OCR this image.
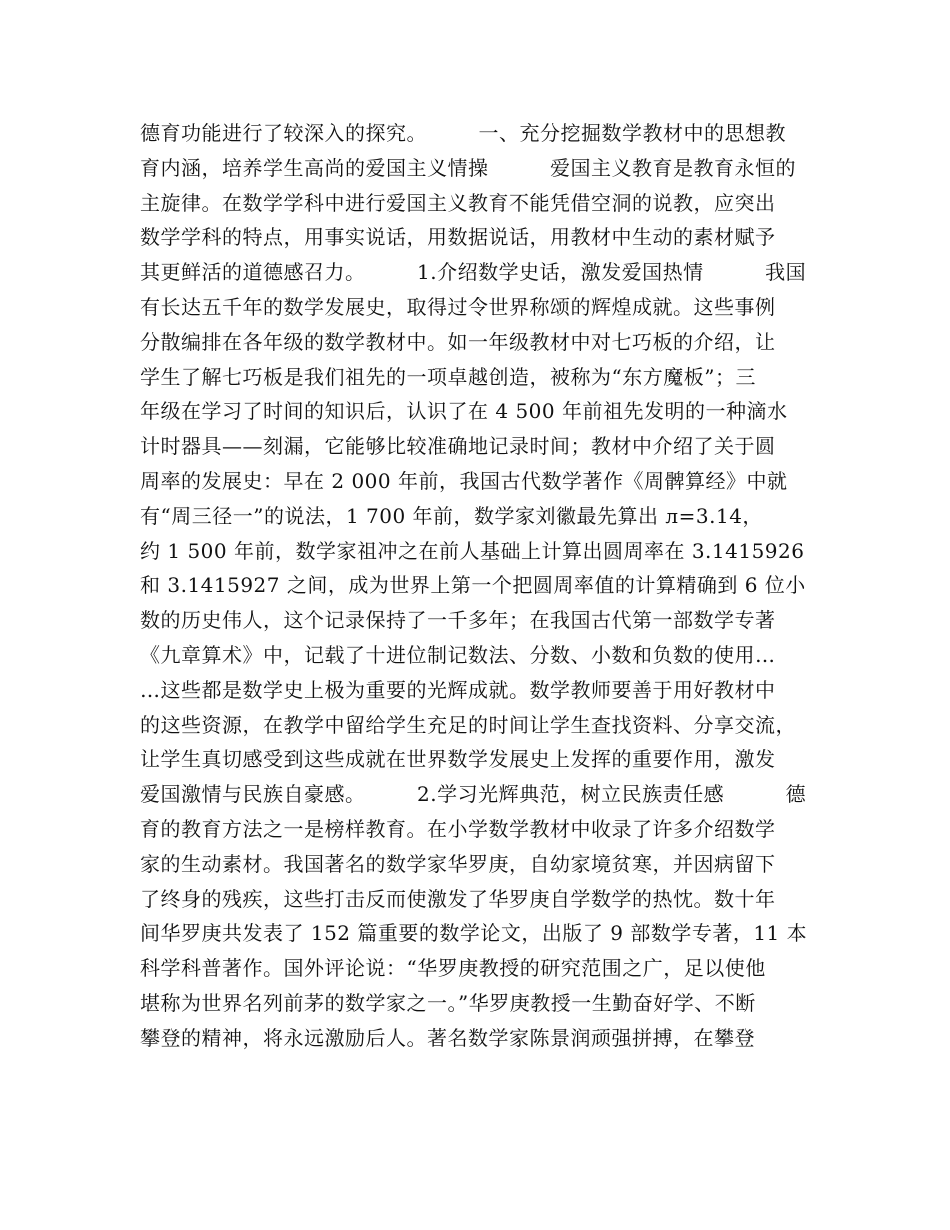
德育功能进行了较深入的探究。　　　一、充分挖掘数学教材中的思想教
育内涵，培养学生高尚的爱国主义情操　　　爱国主义教育是教育永恒的
主旋律。在数学学科中进行爱国主义教育不能凭借空洞的说教，应突出
数学学科的特点，用事实说话，用数据说话，用教材中生动的素材赋予
其更鲜活的道德感召力。　　　1.介绍数学史话，激发爱国热情　　　我国
有长达五千年的数学发展史，取得过令世界称颂的辉煌成就。这些事例
分散编排在各年级的数学教材中。如一年级教材中对七巧板的介绍，让
学生了解七巧板是我们祖先的一项卓越创造，被称为“东方魔板”；三
年级在学习了时间的知识后，认识了在 4 500 年前祖先发明的一种滴水
计时器具——刻漏，它能够比较准确地记录时间；教材中介绍了关于圆
周率的发展史：早在 2 000 年前，我国古代数学著作《周髀算经》中就
有“周三径一”的说法，1 700 年前，数学家刘徽最先算出 л=3.14，
约 1 500 年前，数学家祖冲之在前人基础上计算出圆周率在 3.1415926
和 3.1415927 之间，成为世界上第一个把圆周率值的计算精确到 6 位小
数的历史伟人，这个记录保持了一千多年；在我国古代第一部数学专著
《九章算术》中，记载了十进位制记数法、分数、小数和负数的使用…
…这些都是数学史上极为重要的光辉成就。数学教师要善于用好教材中
的这些资源，在教学中留给学生充足的时间让学生查找资料、分享交流，
让学生真切感受到这些成就在世界数学发展史上发挥的重要作用，激发
爱国激情与民族自豪感。　　　2.学习光辉典范，树立民族责任感　　　德
育的教育方法之一是榜样教育。在小学数学教材中收录了许多介绍数学
家的生动素材。我国著名的数学家华罗庚，自幼家境贫寒，并因病留下
了终身的残疾，这些打击反而使激发了华罗庚自学数学的热忱。数十年
间华罗庚共发表了 152 篇重要的数学论文，出版了 9 部数学专著，11 本
科学科普著作。国外评论说：“华罗庚教授的研究范围之广，足以使他
堪称为世界名列前茅的数学家之一。”华罗庚教授一生勤奋好学、不断
攀登的精神，将永远激励后人。著名数学家陈景润顽强拼搏，在攀登
